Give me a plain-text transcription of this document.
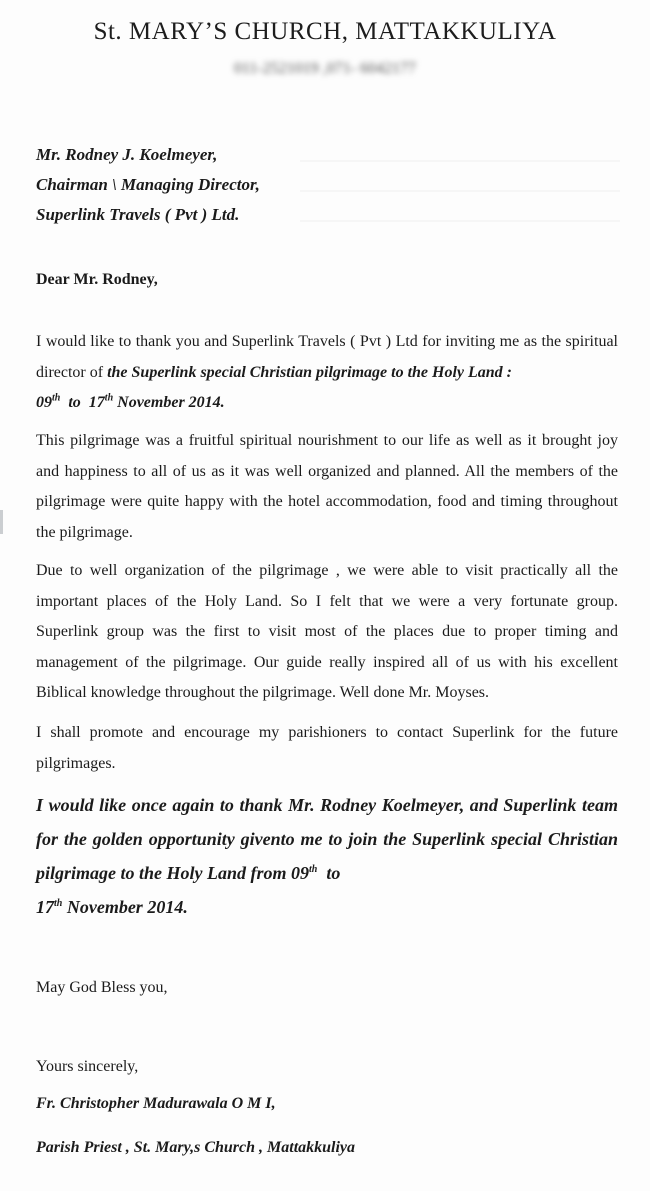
St. MARY’S CHURCH, MATTAKKULIYA
011-2521019 ,071- 6042177
Mr. Rodney J. Koelmeyer,
Chairman \ Managing Director,
Superlink Travels ( Pvt ) Ltd.
Dear Mr. Rodney,
I would like to thank you and Superlink Travels ( Pvt ) Ltd for inviting me as the spiritual director of the Superlink special Christian pilgrimage to the Holy Land :
09th  to  17th November 2014.
This pilgrimage was a fruitful spiritual nourishment to our life as well as it brought joy and happiness to all of us as it was well organized and planned. All the members of the pilgrimage were quite happy with the hotel accommodation, food and timing throughout the pilgrimage.
Due to well organization of the pilgrimage , we were able to visit practically all the important places of the Holy Land. So I felt that we were a very fortunate group. Superlink group was the first to visit most of the places due to proper timing and management of the pilgrimage. Our guide really inspired all of us with his excellent Biblical knowledge throughout the pilgrimage. Well done Mr. Moyses.
I shall promote and encourage my parishioners to contact Superlink for the future pilgrimages.
I would like once again to thank Mr. Rodney Koelmeyer, and Superlink team for the golden opportunity givento me to join the Superlink special Christian pilgrimage to the Holy Land from 09th  to
17th November 2014.
May God Bless you,
Yours sincerely,
Fr. Christopher Madurawala O M I,
Parish Priest , St. Mary,s Church , Mattakkuliya
